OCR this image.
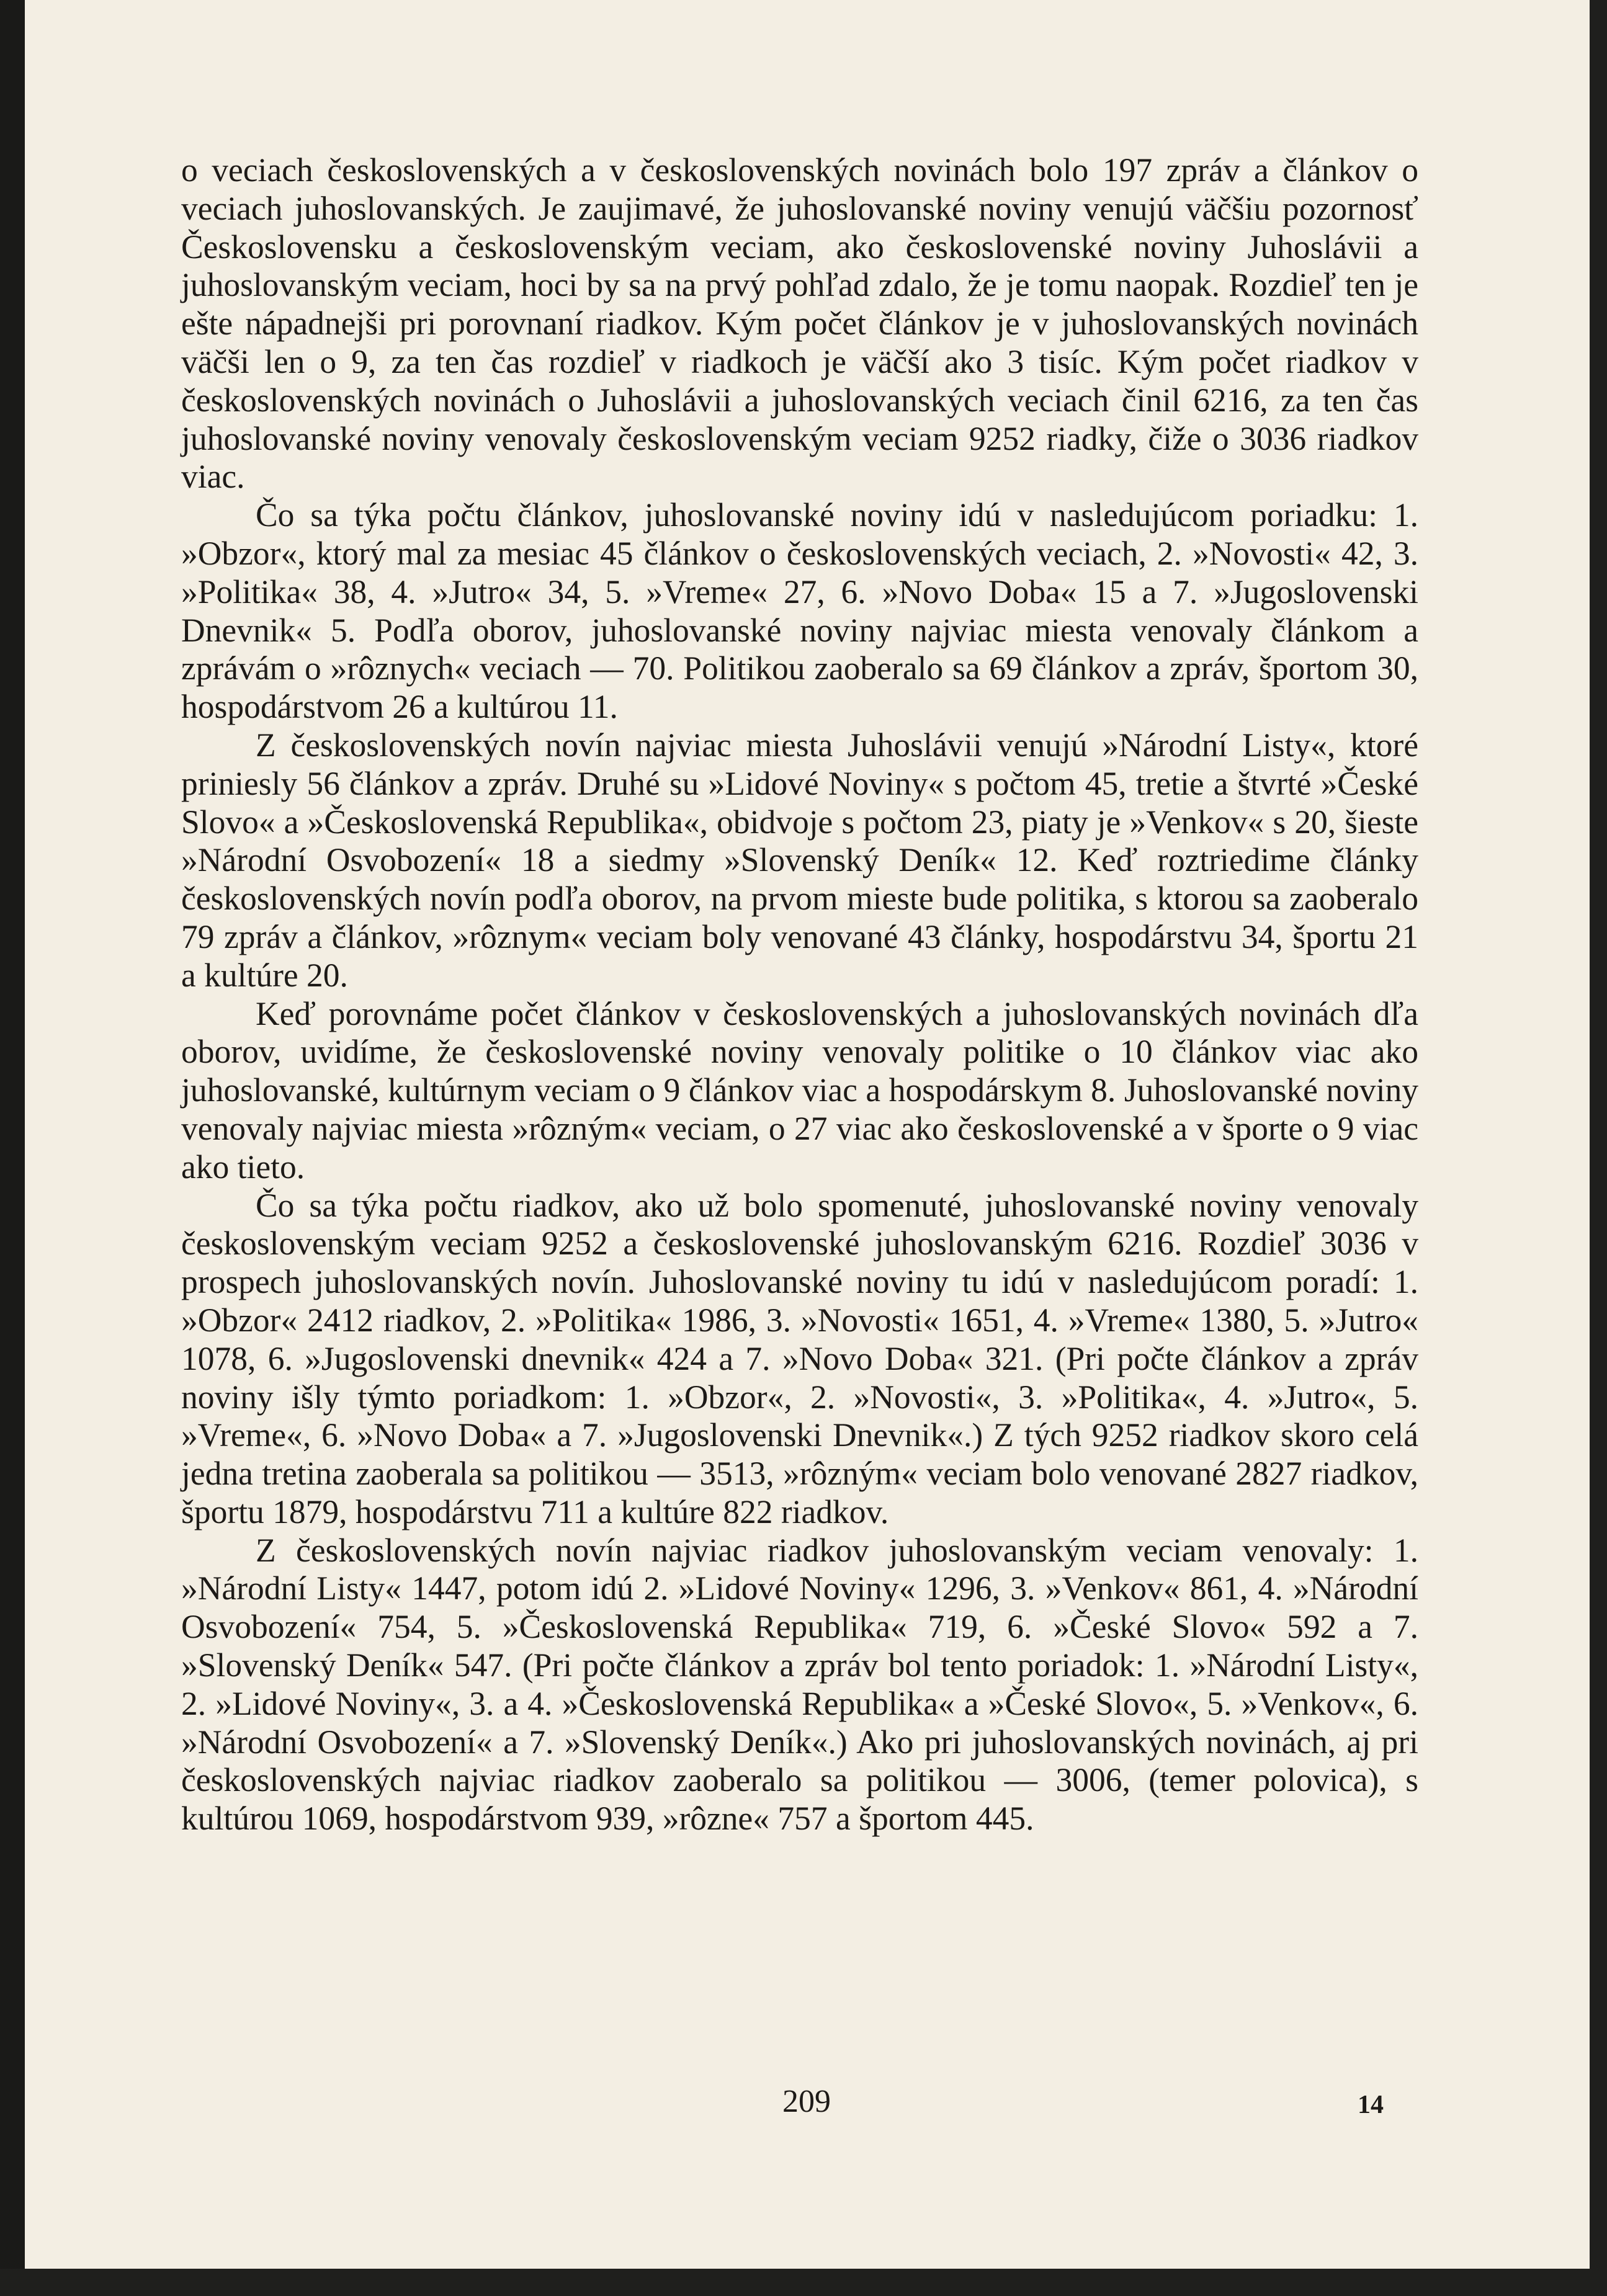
o veciach československých a v československých novinách bolo 197 zpráv a článkov o veciach juhoslovanských. Je zaujimavé, že juhoslovanské noviny venujú väčšiu pozornosť Československu a československým veciam, ako československé noviny Juhoslávii a juhoslovanským veciam, hoci by sa na prvý pohľad zdalo, že je tomu naopak. Rozdieľ ten je ešte nápadnejši pri porovnaní riadkov. Kým počet článkov je v juhoslovanských novinách väčši len o 9, za ten čas rozdieľ v riadkoch je väčší ako 3 tisíc. Kým počet riadkov v československých novinách o Juhoslávii a juhoslovanských veciach činil 6216, za ten čas juhoslovanské noviny venovaly československým veciam 9252 riadky, čiže o 3036 riadkov viac.

Čo sa týka počtu článkov, juhoslovanské noviny idú v nasledujúcom poriadku: 1. »Obzor«, ktorý mal za mesiac 45 článkov o československých veciach, 2. »Novosti« 42, 3. »Politika« 38, 4. »Jutro« 34, 5. »Vreme« 27, 6. »Novo Doba« 15 a 7. »Jugoslovenski Dnevnik« 5. Podľa oborov, juhoslovanské noviny najviac miesta venovaly článkom a zprávám o »rôznych« veciach — 70. Politikou zaoberalo sa 69 článkov a zpráv, športom 30, hospodárstvom 26 a kultúrou 11.

Z československých novín najviac miesta Juhoslávii venujú »Národní Listy«, ktoré priniesly 56 článkov a zpráv. Druhé su »Lidové Noviny« s počtom 45, tretie a štvrté »České Slovo« a »Československá Republika«, obidvoje s počtom 23, piaty je »Venkov« s 20, šieste »Národní Osvobození« 18 a siedmy »Slovenský Deník« 12. Keď roztriedime články československých novín podľa oborov, na prvom mieste bude politika, s ktorou sa zaoberalo 79 zpráv a článkov, »rôznym« veciam boly venované 43 články, hospodárstvu 34, športu 21 a kultúre 20.

Keď porovnáme počet článkov v československých a juhoslovanských novinách dľa oborov, uvidíme, že československé noviny venovaly politike o 10 článkov viac ako juhoslovanské, kultúrnym veciam o 9 článkov viac a hospodárskym 8. Juhoslovanské noviny venovaly najviac miesta »rôzným« veciam, o 27 viac ako československé a v športe o 9 viac ako tieto.

Čo sa týka počtu riadkov, ako už bolo spomenuté, juhoslovanské noviny venovaly československým veciam 9252 a československé juhoslovanským 6216. Rozdieľ 3036 v prospech juhoslovanských novín. Juhoslovanské noviny tu idú v nasledujúcom poradí: 1. »Obzor« 2412 riadkov, 2. »Politika« 1986, 3. »Novosti« 1651, 4. »Vreme« 1380, 5. »Jutro« 1078, 6. »Jugoslovenski dnevnik« 424 a 7. »Novo Doba« 321. (Pri počte článkov a zpráv noviny išly týmto poriadkom: 1. »Obzor«, 2. »Novosti«, 3. »Politika«, 4. »Jutro«, 5. »Vreme«, 6. »Novo Doba« a 7. »Jugoslovenski Dnevnik«.) Z tých 9252 riadkov skoro celá jedna tretina zaoberala sa politikou — 3513, »rôzným« veciam bolo venované 2827 riadkov, športu 1879, hospodárstvu 711 a kultúre 822 riadkov.

Z československých novín najviac riadkov juhoslovanským veciam venovaly: 1. »Národní Listy« 1447, potom idú 2. »Lidové Noviny« 1296, 3. »Venkov« 861, 4. »Národní Osvobození« 754, 5. »Československá Republika« 719, 6. »České Slovo« 592 a 7. »Slovenský Deník« 547. (Pri počte článkov a zpráv bol tento poriadok: 1. »Národní Listy«, 2. »Lidové Noviny«, 3. a 4. »Československá Republika« a »České Slovo«, 5. »Venkov«, 6. »Národní Osvobození« a 7. »Slovenský Deník«.) Ako pri juhoslovanských novinách, aj pri československých najviac riadkov zaoberalo sa politikou — 3006, (temer polovica), s kultúrou 1069, hospodárstvom 939, »rôzne« 757 a športom 445.

209	14
